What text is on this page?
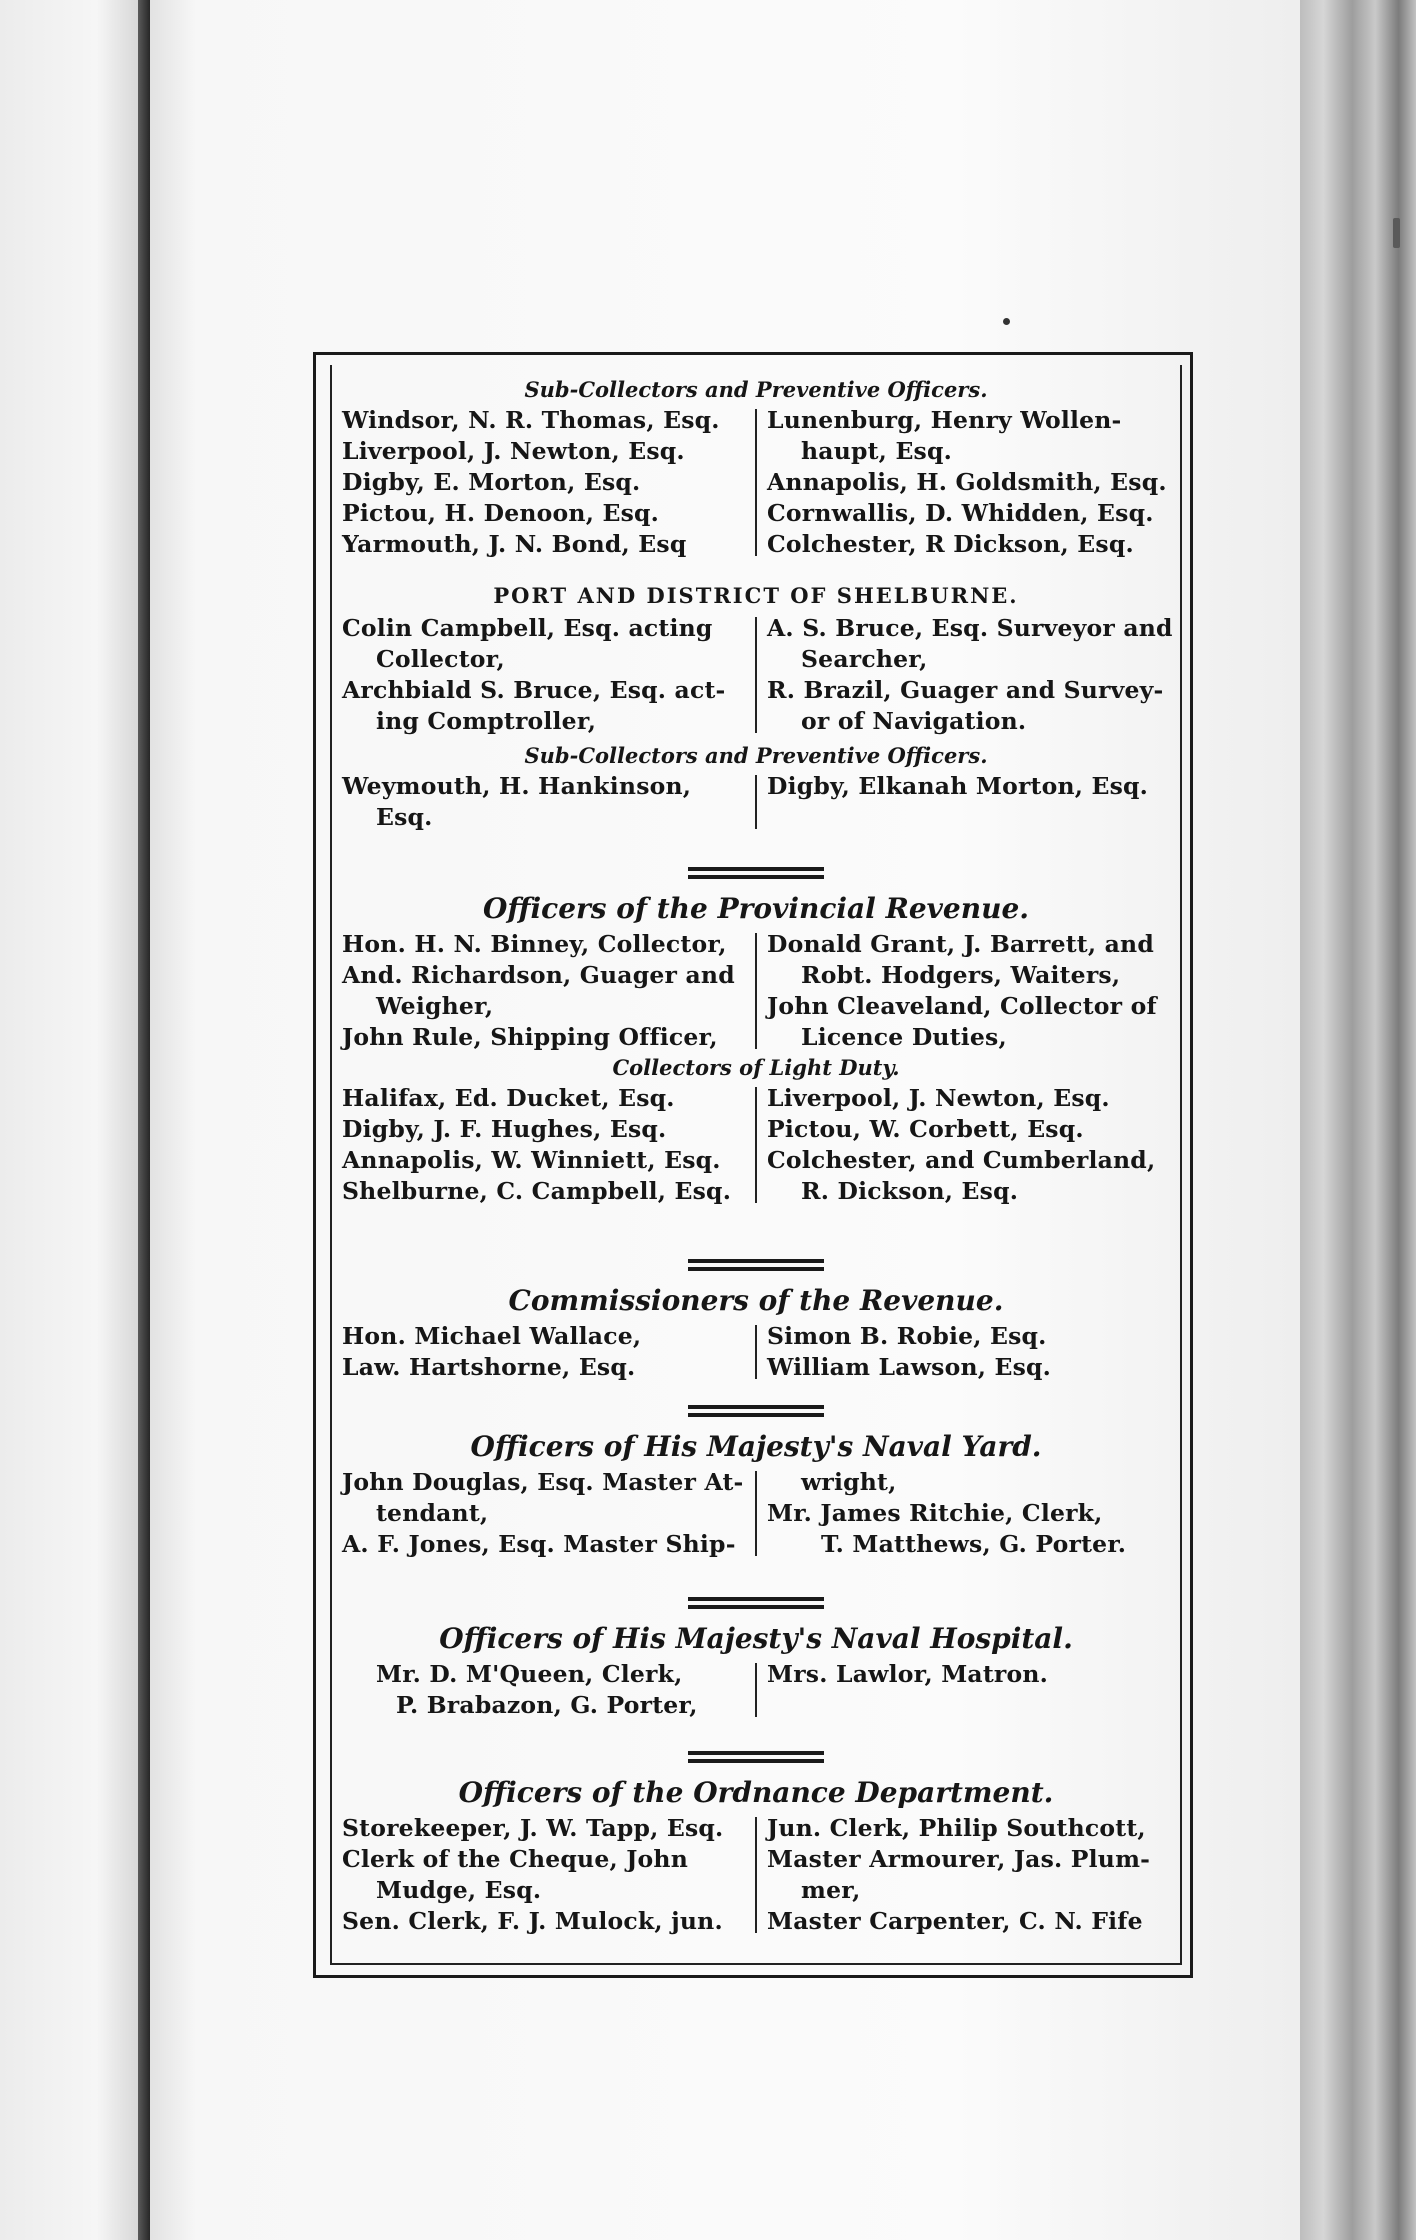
Sub-Collectors and Preventive Officers.
Windsor, N. R. Thomas, Esq.
Liverpool, J. Newton, Esq.
Digby, E. Morton, Esq.
Pictou, H. Denoon, Esq.
Yarmouth, J. N. Bond, Esq
Lunenburg, Henry Wollen-
haupt, Esq.
Annapolis, H. Goldsmith, Esq.
Cornwallis, D. Whidden, Esq.
Colchester, R Dickson, Esq.
PORT AND DISTRICT OF SHELBURNE.
Colin Campbell, Esq. acting
Collector,
Archbiald S. Bruce, Esq. act-
ing Comptroller,
A. S. Bruce, Esq. Surveyor and
Searcher,
R. Brazil, Guager and Survey-
or of Navigation.
Sub-Collectors and Preventive Officers.
Weymouth, H. Hankinson,
Esq.
Digby, Elkanah Morton, Esq.
Officers of the Provincial Revenue.
Hon. H. N. Binney, Collector,
And. Richardson, Guager and
Weigher,
John Rule, Shipping Officer,
Donald Grant, J. Barrett, and
Robt. Hodgers, Waiters,
John Cleaveland, Collector of
Licence Duties,
Collectors of Light Duty.
Halifax, Ed. Ducket, Esq.
Digby, J. F. Hughes, Esq.
Annapolis, W. Winniett, Esq.
Shelburne, C. Campbell, Esq.
Liverpool, J. Newton, Esq.
Pictou, W. Corbett, Esq.
Colchester, and Cumberland,
R. Dickson, Esq.
Commissioners of the Revenue.
Hon. Michael Wallace,
Law. Hartshorne, Esq.
Simon B. Robie, Esq.
William Lawson, Esq.
Officers of His Majesty's Naval Yard.
John Douglas, Esq. Master At-
tendant,
A. F. Jones, Esq. Master Ship-
wright,
Mr. James Ritchie, Clerk,
T. Matthews, G. Porter.
Officers of His Majesty's Naval Hospital.
Mr. D. M'Queen, Clerk,
P. Brabazon, G. Porter,
Mrs. Lawlor, Matron.
Officers of the Ordnance Department.
Storekeeper, J. W. Tapp, Esq.
Clerk of the Cheque, John
Mudge, Esq.
Sen. Clerk, F. J. Mulock, jun.
Jun. Clerk, Philip Southcott,
Master Armourer, Jas. Plum-
mer,
Master Carpenter, C. N. Fife
